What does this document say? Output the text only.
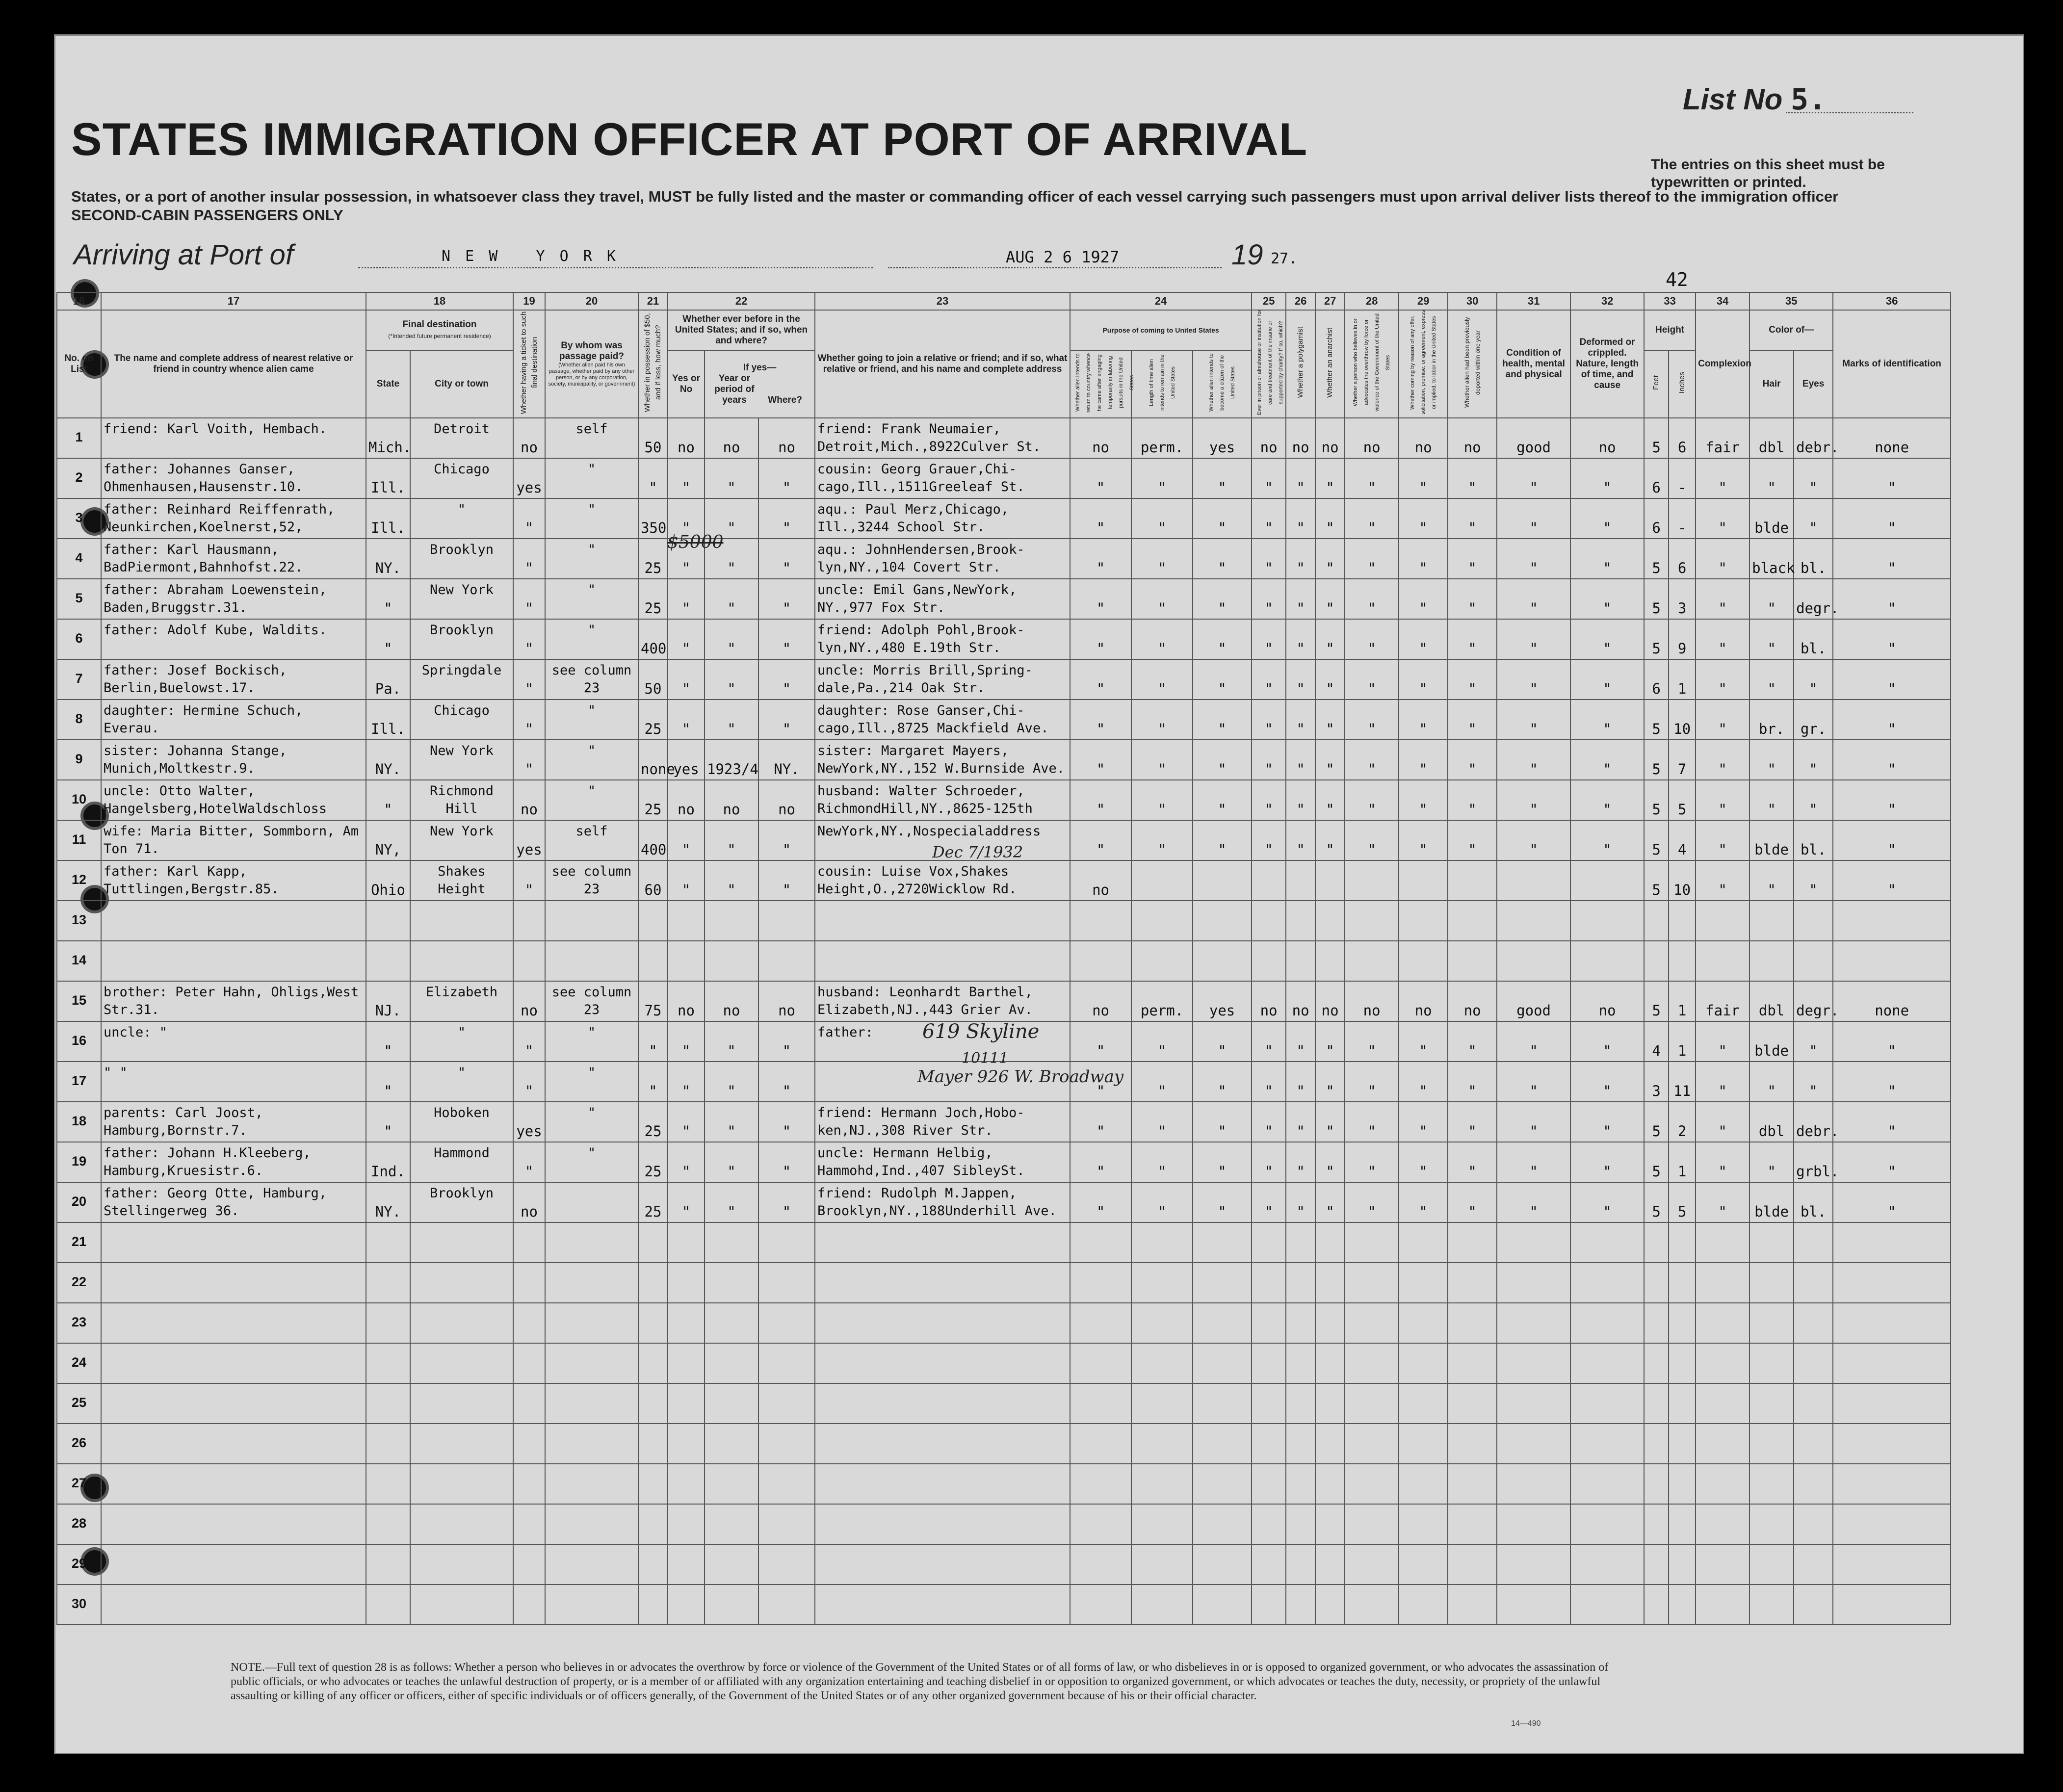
STATES IMMIGRATION OFFICER AT PORT OF ARRIVAL
List No 5.
The entries on this sheet must be typewritten or printed.
States, or a port of another insular possession, in whatsoever class they travel, MUST be fully listed and the master or commanding officer of each vessel carrying such passengers must upon arrival deliver lists thereof to the immigration officer
SECOND-CABIN PASSENGERS ONLY
Arriving at Port of	N E W   Y O R K	AUG 2 6 1927	19 27.
42
16	17	18		19	20	21	22			23	24			25	26	27	28	29	30	31	32	33		34	35		36
No. on List	The name and complete address of nearest relative or friend in country whence alien came	Final destination
(*Intended future permanent residence)		Whether having a ticket to such final destination	By whom was passage paid?

(Whether alien paid his own passage, whether paid by any other person, or by any corporation, society, municipality, or government)	Whether in possession of $50, and if less, how much?	Whether ever before in the United States; and if so, when and where?			Whether going to join a relative or friend; and if so, what relative or friend, and his name and complete address	Purpose of coming to United States			Ever in prison or almshouse or institution for care and treatment of the insane or supported by charity? If so, which?	Whether a polygamist	Whether an anarchist	Whether a person who believes in or advocates the overthrow by force or violence of the Government of the United States	Whether coming by reason of any offer, solicitation, promise, or agreement, express or implied, to labor in the United States	Whether alien had been previously deported within one year	Condition of health, mental and physical	Deformed or crippled. Nature, length of time, and cause	Height		Complexion	Color of—		Marks of identification
		State	City or town				Yes or No	If yes—
Year or period of years Where?			Whether alien intends to return to country whence he came after engaging temporarily in laboring pursuits in the United States	Length of time alien intends to remain in the United States	Whether alien intends to become a citizen of the United States									Feet	Inches		Hair	Eyes	
1	friend: Karl Voith, Hembach.	Mich.	Detroit	no	self	50	no	no	no	friend: Frank Neumaier, Detroit,Mich.,8922Culver St.	no	perm.	yes	no	no	no	no	no	no	good	no	5	6	fair	dbl	debr.	none
2	father: Johannes Ganser, Ohmenhausen,Hausenstr.10.	Ill.	Chicago	yes	"	"	"	"	"	cousin: Georg Grauer,Chi- cago,Ill.,1511Greeleaf St.	"	"	"	"	"	"	"	"	"	"	"	6	-	"	"	"	"
3	father: Reinhard Reiffenrath, Neunkirchen,Koelnerst,52,	Ill.	"	"	"	350	"	"	"	aqu.: Paul Merz,Chicago, Ill.,3244 School Str.	"	"	"	"	"	"	"	"	"	"	"	6	-	"	blde	"	"
4	father: Karl Hausmann, BadPiermont,Bahnhofst.22.	NY.	Brooklyn	"	"	25	"	"	"	aqu.: JohnHendersen,Brook- lyn,NY.,104 Covert Str.	"	"	"	"	"	"	"	"	"	"	"	5	6	"	black	bl.	"
5	father: Abraham Loewenstein, Baden,Bruggstr.31.	"	New York	"	"	25	"	"	"	uncle: Emil Gans,NewYork, NY.,977 Fox Str.	"	"	"	"	"	"	"	"	"	"	"	5	3	"	"	degr.	"
6	father: Adolf Kube, Waldits.	"	Brooklyn	"	"	400	"	"	"	friend: Adolph Pohl,Brook- lyn,NY.,480 E.19th Str.	"	"	"	"	"	"	"	"	"	"	"	5	9	"	"	bl.	"
7	father: Josef Bockisch, Berlin,Buelowst.17.	Pa.	Springdale	"	see column 23	50	"	"	"	uncle: Morris Brill,Spring- dale,Pa.,214 Oak Str.	"	"	"	"	"	"	"	"	"	"	"	6	1	"	"	"	"
8	daughter: Hermine Schuch, Everau.	Ill.	Chicago	"	"	25	"	"	"	daughter: Rose Ganser,Chi- cago,Ill.,8725 Mackfield Ave.	"	"	"	"	"	"	"	"	"	"	"	5	10	"	br.	gr.	"
9	sister: Johanna Stange, Munich,Moltkestr.9.	NY.	New York	"	"	none	yes	1923/4	NY.	sister: Margaret Mayers, NewYork,NY.,152 W.Burnside Ave.	"	"	"	"	"	"	"	"	"	"	"	5	7	"	"	"	"
10	uncle: Otto Walter, Hangelsberg,HotelWaldschloss	"	Richmond Hill	no	"	25	no	no	no	husband: Walter Schroeder, RichmondHill,NY.,8625-125th	"	"	"	"	"	"	"	"	"	"	"	5	5	"	"	"	"
11	wife: Maria Bitter, Sommborn, Am Ton 71.	NY,	New York	yes	self	400	"	"	"	NewYork,NY.,Nospecialaddress	"	"	"	"	"	"	"	"	"	"	"	5	4	"	blde	bl.	"
12	father: Karl Kapp, Tuttlingen,Bergstr.85.	Ohio	Shakes Height	"	see column 23	60	"	"	"	cousin: Luise Vox,Shakes Height,O.,2720Wicklow Rd.	no											5	10	"	"	"	"
13																											
14																											
15	brother: Peter Hahn, Ohligs,West Str.31.	NJ.	Elizabeth	no	see column 23	75	no	no	no	husband: Leonhardt Barthel, Elizabeth,NJ.,443 Grier Av.	no	perm.	yes	no	no	no	no	no	no	good	no	5	1	fair	dbl	degr.	none
16	uncle: "	"	"	"	"	"	"	"	"	father:	"	"	"	"	"	"	"	"	"	"	"	4	1	"	blde	"	"
17	" "	"	"	"	"	"	"	"	"		"	"	"	"	"	"	"	"	"	"	"	3	11	"	"	"	"
18	parents: Carl Joost, Hamburg,Bornstr.7.	"	Hoboken	yes	"	25	"	"	"	friend: Hermann Joch,Hobo- ken,NJ.,308 River Str.	"	"	"	"	"	"	"	"	"	"	"	5	2	"	dbl	debr.	"
19	father: Johann H.Kleeberg, Hamburg,Kruesistr.6.	Ind.	Hammond	"	"	25	"	"	"	uncle: Hermann Helbig, Hammohd,Ind.,407 SibleySt.	"	"	"	"	"	"	"	"	"	"	"	5	1	"	"	grbl.	"
20	father: Georg Otte, Hamburg, Stellingerweg 36.	NY.	Brooklyn	no		25	"	"	"	friend: Rudolph M.Jappen, Brooklyn,NY.,188Underhill Ave.	"	"	"	"	"	"	"	"	"	"	"	5	5	"	blde	bl.	"
21																											
22																											
23																											
24																											
25																											
26																											
27																											
28																											
29																											
30																											
$5000
619 Skyline
10111
Mayer 926 W. Broadway
Dec 7/1932
NOTE.—Full text of question 28 is as follows: Whether a person who believes in or advocates the overthrow by force or violence of the Government of the United States or of all forms of law, or who disbelieves in or is opposed to organized government, or who advocates the assassination of public officials, or who advocates or teaches the unlawful destruction of property, or is a member of or affiliated with any organization entertaining and teaching disbelief in or opposition to organized government, or which advocates or teaches the duty, necessity, or propriety of the unlawful assaulting or killing of any officer or officers, either of specific individuals or of officers generally, of the Government of the United States or of any other organized government because of his or their official character.
14—490
